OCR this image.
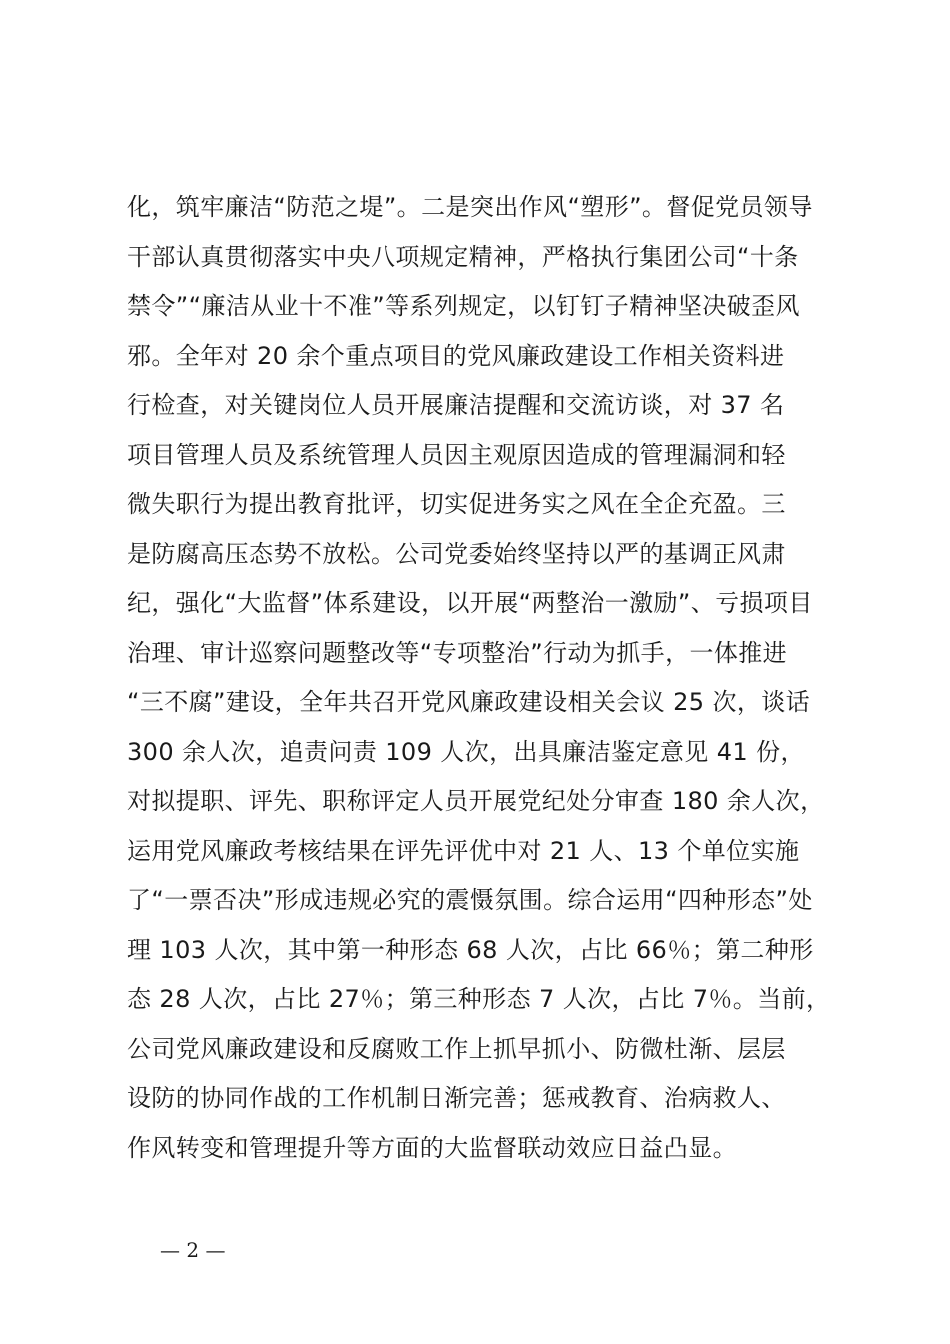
化，筑牢廉洁“防范之堤”。二是突出作风“塑形”。督促党员领导
干部认真贯彻落实中央八项规定精神，严格执行集团公司“十条
禁令”“廉洁从业十不准”等系列规定，以钉钉子精神坚决破歪风
邪。全年对 20 余个重点项目的党风廉政建设工作相关资料进
行检查，对关键岗位人员开展廉洁提醒和交流访谈，对 37 名
项目管理人员及系统管理人员因主观原因造成的管理漏洞和轻
微失职行为提出教育批评，切实促进务实之风在全企充盈。三
是防腐高压态势不放松。公司党委始终坚持以严的基调正风肃
纪，强化“大监督”体系建设，以开展“两整治一激励”、亏损项目
治理、审计巡察问题整改等“专项整治”行动为抓手，一体推进
“三不腐”建设，全年共召开党风廉政建设相关会议 25 次，谈话
300 余人次，追责问责 109 人次，出具廉洁鉴定意见 41 份，
对拟提职、评先、职称评定人员开展党纪处分审查 180 余人次，
运用党风廉政考核结果在评先评优中对 21 人、13 个单位实施
了“一票否决”形成违规必究的震慑氛围。综合运用“四种形态”处
理 103 人次，其中第一种形态 68 人次，占比 66％；第二种形
态 28 人次，占比 27％；第三种形态 7 人次，占比 7％。当前，
公司党风廉政建设和反腐败工作上抓早抓小、防微杜渐、层层
设防的协同作战的工作机制日渐完善；惩戒教育、治病救人、
作风转变和管理提升等方面的大监督联动效应日益凸显。
— 2 —
